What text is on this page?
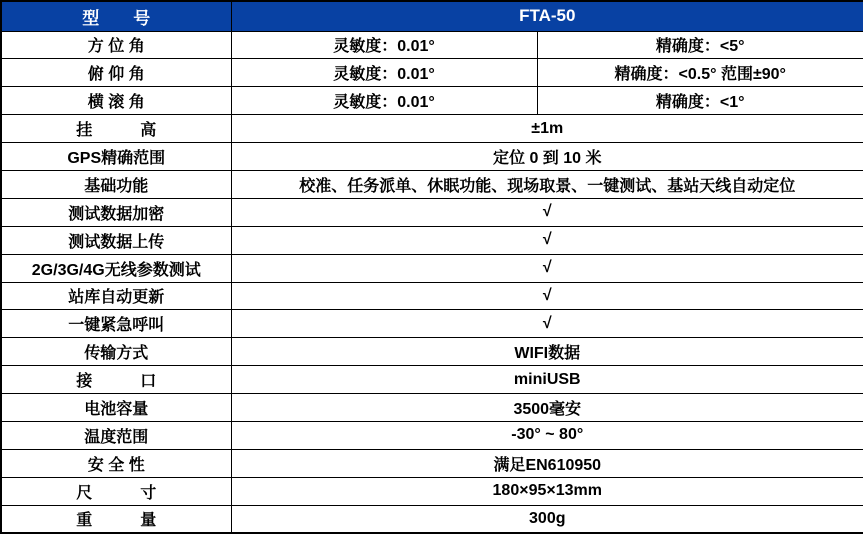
型　　号	FTA-50	
方 位 角	灵敏度：0.01°	精确度：<5°
俯 仰 角	灵敏度：0.01°	精确度：<0.5° 范围±90°
横 滚 角	灵敏度：0.01°	精确度：<1°
挂　　　高	±1m	
GPS精确范围	定位 0 到 10 米	
基础功能	校准、任务派单、休眠功能、现场取景、一键测试、基站天线自动定位	
测试数据加密	√	
测试数据上传	√	
2G/3G/4G无线参数测试	√	
站库自动更新	√	
一键紧急呼叫	√	
传输方式	WIFI数据	
接　　　口	miniUSB	
电池容量	3500毫安	
温度范围	-30° ~ 80°	
安 全 性	满足EN610950	
尺　　　寸	180×95×13mm	
重　　　量	300g	
